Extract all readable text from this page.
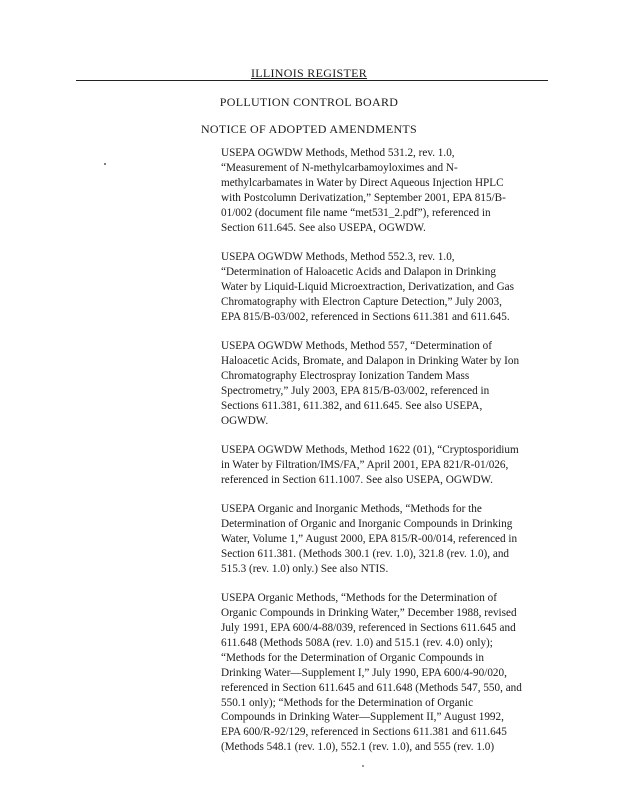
ILLINOIS REGISTER
POLLUTION CONTROL BOARD
NOTICE OF ADOPTED AMENDMENTS
USEPA OGWDW Methods, Method 531.2, rev. 1.0,
“Measurement of N-methylcarbamoyloximes and N-
methylcarbamates in Water by Direct Aqueous Injection HPLC
with Postcolumn Derivatization,” September 2001, EPA 815/B-
01/002 (document file name “met531_2.pdf”), referenced in
Section 611.645. See also USEPA, OGWDW.
USEPA OGWDW Methods, Method 552.3, rev. 1.0,
“Determination of Haloacetic Acids and Dalapon in Drinking
Water by Liquid-Liquid Microextraction, Derivatization, and Gas
Chromatography with Electron Capture Detection,” July 2003,
EPA 815/B-03/002, referenced in Sections 611.381 and 611.645.
USEPA OGWDW Methods, Method 557, “Determination of
Haloacetic Acids, Bromate, and Dalapon in Drinking Water by Ion
Chromatography Electrospray Ionization Tandem Mass
Spectrometry,” July 2003, EPA 815/B-03/002, referenced in
Sections 611.381, 611.382, and 611.645. See also USEPA,
OGWDW.
USEPA OGWDW Methods, Method 1622 (01), “Cryptosporidium
in Water by Filtration/IMS/FA,” April 2001, EPA 821/R-01/026,
referenced in Section 611.1007. See also USEPA, OGWDW.
USEPA Organic and Inorganic Methods, “Methods for the
Determination of Organic and Inorganic Compounds in Drinking
Water, Volume 1,” August 2000, EPA 815/R-00/014, referenced in
Section 611.381. (Methods 300.1 (rev. 1.0), 321.8 (rev. 1.0), and
515.3 (rev. 1.0) only.) See also NTIS.
USEPA Organic Methods, “Methods for the Determination of
Organic Compounds in Drinking Water,” December 1988, revised
July 1991, EPA 600/4-88/039, referenced in Sections 611.645 and
611.648 (Methods 508A (rev. 1.0) and 515.1 (rev. 4.0) only);
“Methods for the Determination of Organic Compounds in
Drinking Water—Supplement I,” July 1990, EPA 600/4-90/020,
referenced in Section 611.645 and 611.648 (Methods 547, 550, and
550.1 only); “Methods for the Determination of Organic
Compounds in Drinking Water—Supplement II,” August 1992,
EPA 600/R-92/129, referenced in Sections 611.381 and 611.645
(Methods 548.1 (rev. 1.0), 552.1 (rev. 1.0), and 555 (rev. 1.0)
